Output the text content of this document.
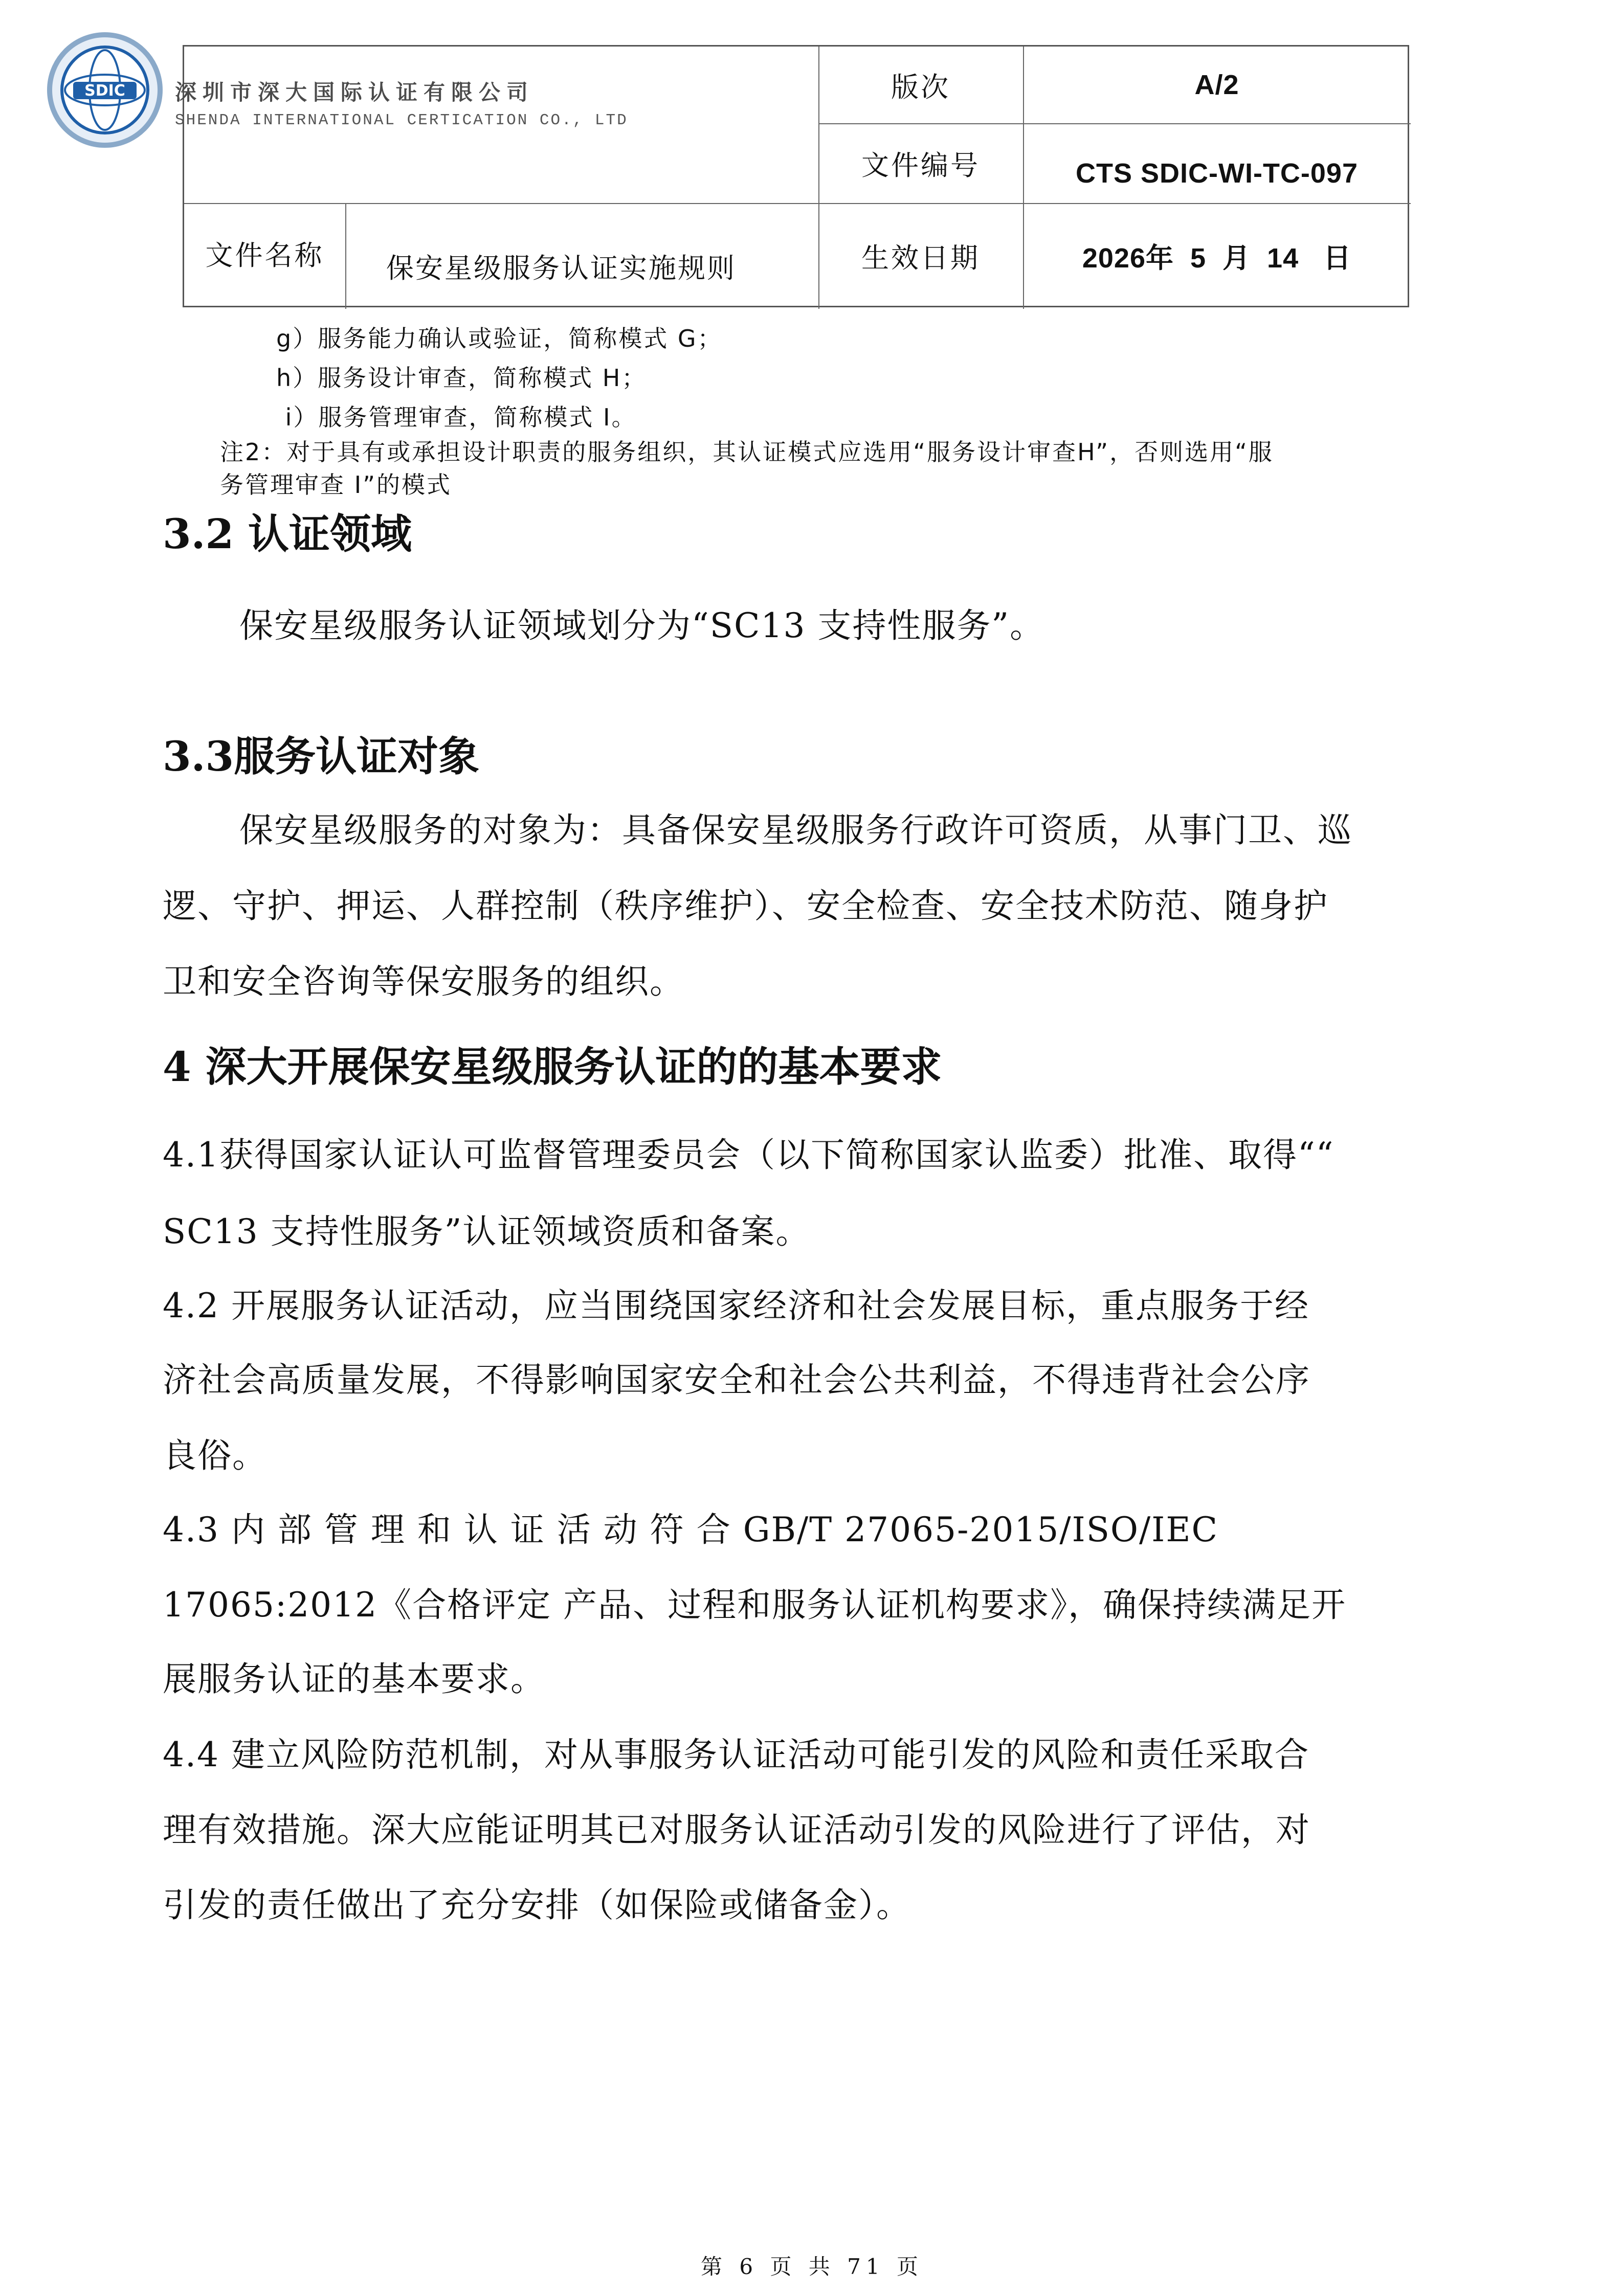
版次	A/2
文件编号	CTS SDIC-WI-TC-097
文件名称	保安星级服务认证实施规则	生效日期	2026年  5  月  14   日
SDIC 深圳市深大国际认证有限公司
SHENDA INTERNATIONAL CERTICATION CO., LTD
g）服务能力确认或验证，简称模式 G；
h）服务设计审查，简称模式 H；
i）服务管理审查，简称模式 I。
注2：对于具有或承担设计职责的服务组织，其认证模式应选用“服务设计审查H”，否则选用“服
务管理审查 I”的模式
3.2 认证领域
保安星级服务认证领域划分为“SC13 支持性服务”。
3.3服务认证对象
保安星级服务的对象为：具备保安星级服务行政许可资质，从事门卫、巡
逻、守护、押运、人群控制（秩序维护）、安全检查、安全技术防范、随身护
卫和安全咨询等保安服务的组织。
4 深大开展保安星级服务认证的的基本要求
4.1获得国家认证认可监督管理委员会（以下简称国家认监委）批准、取得““
SC13 支持性服务”认证领域资质和备案。
4.2 开展服务认证活动，应当围绕国家经济和社会发展目标，重点服务于经
济社会高质量发展，不得影响国家安全和社会公共利益，不得违背社会公序
良俗。
4.3 内 部 管 理 和 认 证 活 动 符 合 GB/T 27065-2015/ISO/IEC
17065:2012《合格评定 产品、过程和服务认证机构要求》，确保持续满足开
展服务认证的基本要求。
4.4 建立风险防范机制，对从事服务认证活动可能引发的风险和责任采取合
理有效措施。深大应能证明其已对服务认证活动引发的风险进行了评估，对
引发的责任做出了充分安排（如保险或储备金）。
第 6 页 共 71 页
